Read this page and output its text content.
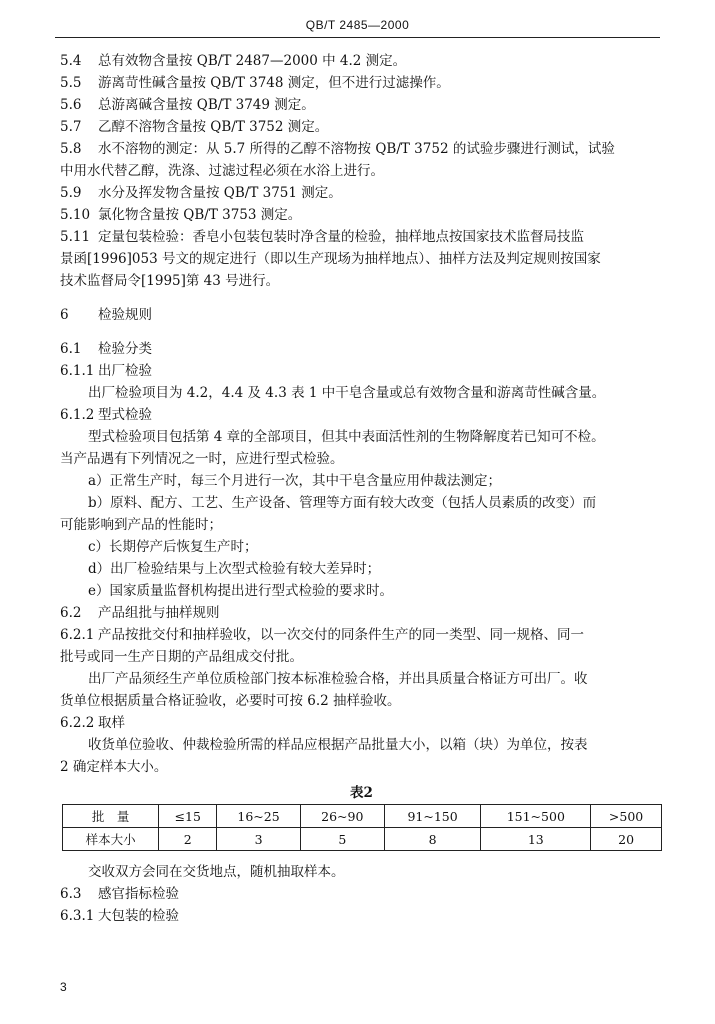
QB/T 2485—2000
5.4 总有效物含量按 QB/T 2487—2000 中 4.2 测定。
5.5 游离苛性碱含量按 QB/T 3748 测定，但不进行过滤操作。
5.6 总游离碱含量按 QB/T 3749 测定。
5.7 乙醇不溶物含量按 QB/T 3752 测定。
5.8 水不溶物的测定：从 5.7 所得的乙醇不溶物按 QB/T 3752 的试验步骤进行测试，试验
中用水代替乙醇，洗涤、过滤过程必须在水浴上进行。
5.9 水分及挥发物含量按 QB/T 3751 测定。
5.10 氯化物含量按 QB/T 3753 测定。
5.11 定量包装检验：香皂小包装包装时净含量的检验，抽样地点按国家技术监督局技监
景函[1996]053 号文的规定进行（即以生产现场为抽样地点）、抽样方法及判定规则按国家
技术监督局令[1995]第 43 号进行。
6 检验规则
6.1 检验分类
6.1.1 出厂检验
出厂检验项目为 4.2，4.4 及 4.3 表 1 中干皂含量或总有效物含量和游离苛性碱含量。
6.1.2 型式检验
型式检验项目包括第 4 章的全部项目，但其中表面活性剂的生物降解度若已知可不检。
当产品遇有下列情况之一时，应进行型式检验。
a）正常生产时，每三个月进行一次，其中干皂含量应用仲裁法测定；
b）原料、配方、工艺、生产设备、管理等方面有较大改变（包括人员素质的改变）而
可能影响到产品的性能时；
c）长期停产后恢复生产时；
d）出厂检验结果与上次型式检验有较大差异时；
e）国家质量监督机构提出进行型式检验的要求时。
6.2 产品组批与抽样规则
6.2.1 产品按批交付和抽样验收，以一次交付的同条件生产的同一类型、同一规格、同一
批号或同一生产日期的产品组成交付批。
出厂产品须经生产单位质检部门按本标准检验合格，并出具质量合格证方可出厂。收
货单位根据质量合格证验收，必要时可按 6.2 抽样验收。
6.2.2 取样
收货单位验收、仲裁检验所需的样品应根据产品批量大小，以箱（块）为单位，按表
2 确定样本大小。
表2
批　量	≤15	16~25	26~90	91~150	151~500	>500
样本大小	2	3	5	8	13	20
交收双方会同在交货地点，随机抽取样本。
6.3 感官指标检验
6.3.1 大包装的检验
3
